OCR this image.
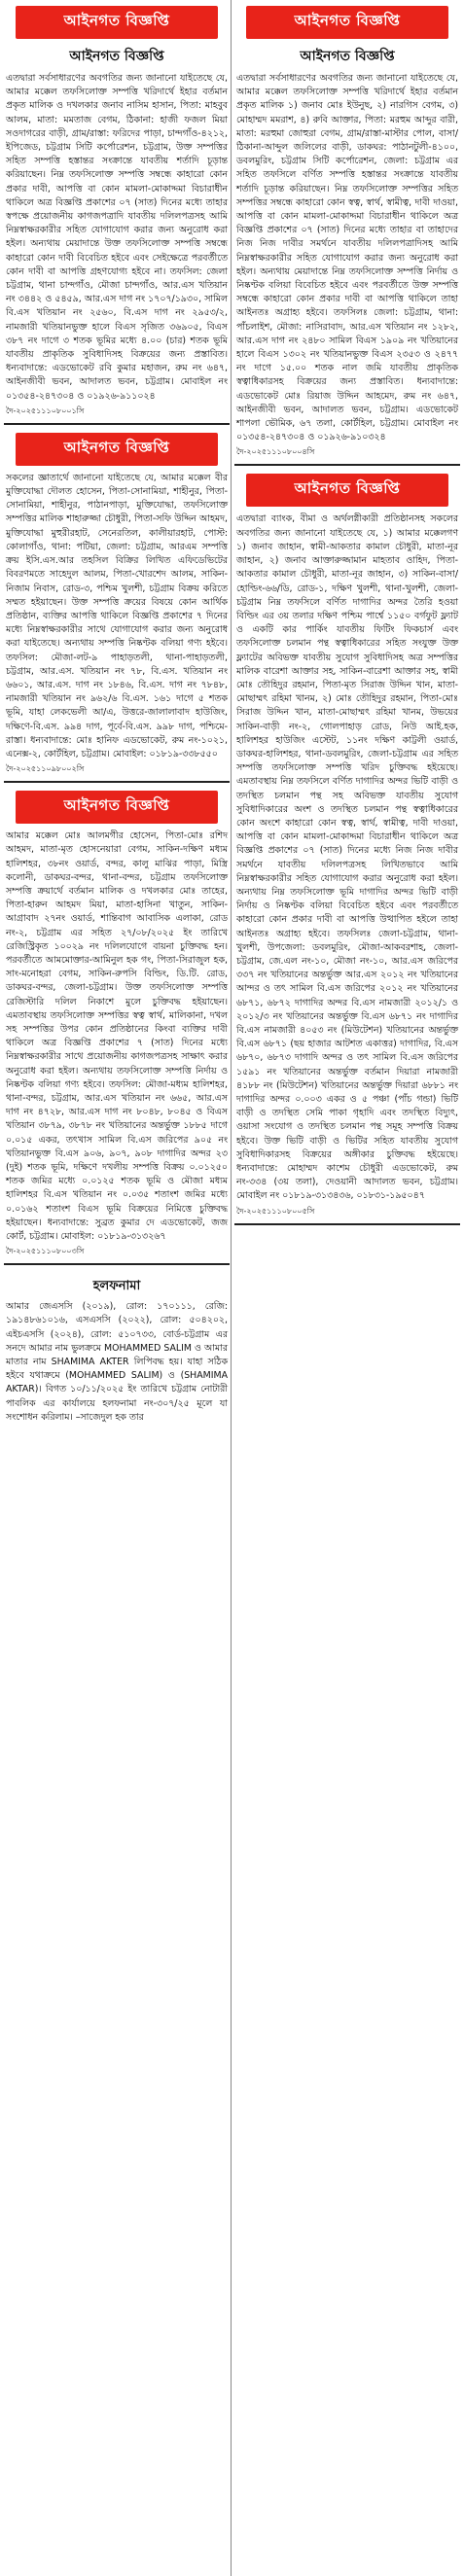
আইনগত বিজ্ঞপ্তি
আইনগত বিজ্ঞপ্তি
এতদ্বারা সর্বসাধারণের অবগতির জন্য জানানো যাইতেছে যে, আমার মক্কেল তফসিলোক্ত সম্পত্তি খরিদার্থে ইহার বর্তমান প্রকৃত মালিক ও দখলকার জনাব নাসিম হাসান, পিতা: মাহবুব আলম, মাতা: মমতাজ বেগম, ঠিকানা: হাজী ফজল মিয়া সওদাগরের বাড়ী, গ্রাম/রাস্তা: ফরিদের পাড়া, চান্দগাঁও-৪২১২, ইপিজেড, চট্টগ্রাম সিটি কর্পোরেশন, চট্টগ্রাম, উক্ত সম্পত্তির সহিত সম্পত্তি হস্তান্তর সংক্রান্তে যাবতীয় শর্তাদি চূড়ান্ত করিয়াছেন। নিম্ন তফসিলোক্ত সম্পত্তি সম্বন্ধে কাহারো কোন প্রকার দাবী, আপত্তি বা কোন মামলা-মোকাদ্দমা বিচারাধীন থাকিলে অত্র বিজ্ঞপ্তি প্রকাশের ০৭ (সাত) দিনের মধ্যে তাহার স্বপক্ষে প্রয়োজনীয় কাগজপত্রাদি যাবতীয় দলিলপত্রসহ আমি নিম্নস্বাক্ষরকারীর সহিত যোগাযোগ করার জন্য অনুরোধ করা হইল। অন্যথায় মেয়াদান্তে উক্ত তফসিলোক্ত সম্পত্তি সম্বন্ধে কাহারো কোন দাবী বিবেচিত হইবে এবং সেইক্ষেত্রে পরবর্তীতে কোন দাবী বা আপত্তি গ্রহণযোগ্য হইবে না। তফসিল: জেলা চট্টগ্রাম, থানা চান্দগাঁও, মৌজা চান্দগাঁও, আর.এস খতিয়ান নং ৩৪৪২ ও ৫৪৫৯, আর.এস দাগ নং ১৭০৭/১৯৩০, সামিল বি.এস খতিয়ান নং ২৫৬০, বি.এস দাগ নং ২৯৫৩/২, নামজারী খতিয়ানভুক্ত হালে বিএস সৃজিত ৩৬৯০৫, বিএস ৩৮৭ নং দাগে ৩ শতক ভূমির মধ্যে ৪.০০ (চার) শতক ভূমি যাবতীয় প্রাকৃতিক সুবিধাদিসহ বিক্রয়ের জন্য প্রস্তাবিত। ধন্যবাদান্তে: এডভোকেট রবি কুমার মহাজন, রুম নং ৬৪৭, আইনজীবী ভবন, আদালত ভবন, চট্টগ্রাম। মোবাইল নং ০১৩৫৪-২৪৭৩০৪ ও ০১৯২৬-৯১১০২৪
দৈ-২০২৫১১১০৮০০১সি
আইনগত বিজ্ঞপ্তি
সকলের জ্ঞাতার্থে জানানো যাইতেছে যে, আমার মক্কেল বীর মুক্তিযোদ্ধা দৌলত হোসেন, পিতা-সোনামিয়া, শাহীনুর, পিতা-সোনামিয়া, শাহীনুর, পাঠানপাড়া, মুক্তিযোদ্ধা, তফসিলোক্ত সম্পত্তির মালিক শাহারুজ্জা চৌধুরী, পিতা-সফি উদ্দিন আহমদ, মুক্তিযোদ্ধা মুহুরীরহাট, সেনেরতিল, কালীয়ারহাট, পোস্ট: কোলাগাঁও, থানা: পটিয়া, জেলা: চট্টগ্রাম, আরএম সম্পত্তি ক্রয় ইসি.এস.আর তহসিল বিক্রির লিখিত এফিডেভিটের বিবরণমতে সাহেদুল আলম, পিতা-খোরশেদ আলম, সাকিন-নিজাম নিবাস, রোড-৩, পশ্চিম খুলশী, চট্টগ্রাম বিক্রয় করিতে সম্মত হইয়াছেন। উক্ত সম্পত্তি ক্রয়ের বিষয়ে কোন আর্থিক প্রতিষ্ঠান, ব্যক্তির আপত্তি থাকিলে বিজ্ঞপ্তি প্রকাশের ৭ দিনের মধ্যে নিম্নস্বাক্ষরকারীর সাথে যোগাযোগ করার জন্য অনুরোধ করা যাইতেছে। অন্যথায় সম্পত্তি নিষ্কণ্টক বলিয়া গণ্য হইবে। তফসিল: মৌজা-লট-৯ পাহাড়তলী, থানা-পাহাড়তলী, চট্টগ্রাম, আর.এস. খতিয়ান নং ৭৮, বি.এস. খতিয়ান নং ৬৬০১, আর.এস. দাগ নং ১৮৪৬, বি.এস. দাগ নং ৭৮৪৮, নামজারী খতিয়ান নং ৯৬২/৬ বি.এস. ১৬১ দাগে ৫ শতক ভূমি, যাহা লেকভেলী আ/এ, উত্তরে-জালালাবাদ হাউজিং, দক্ষিণে-বি.এস. ৯৯৪ দাগ, পূর্বে-বি.এস. ৯৯৮ দাগ, পশ্চিমে-রাস্তা। ধন্যবাদান্তে: মোঃ হানিফ এডভোকেট, রুম নং-১০২১, এনেক্স-২, কোর্টহিল, চট্টগ্রাম। মোবাইল: ০১৮১৯-৩৩৮৫৫০
দৈ-২০২৫১১০৯৮০০২সি
আইনগত বিজ্ঞপ্তি
আমার মক্কেল মোঃ আলমগীর হোসেন, পিতা-মোঃ রশিদ আহমদ, মাতা-মৃত হোসনেয়ারা বেগম, সাকিন-দক্ষিণ মধ্যম হালিশহর, ৩৮নং ওয়ার্ড, বন্দর, কালু মাঝির পাড়া, মিস্ত্রি কলোনী, ডাকঘর-বন্দর, থানা-বন্দর, চট্টগ্রাম তফসিলোক্ত সম্পত্তি ক্রয়ার্থে বর্তমান মালিক ও দখলকার মোঃ তাহের, পিতা-হারুন আহমদ মিয়া, মাতা-হাসিনা খাতুন, সাকিন-আগ্রাবাদ ২৭নং ওয়ার্ড, শান্তিবাগ আবাসিক এলাকা, রোড নং-২, চট্টগ্রাম এর সহিত ২৭/০৮/২০২৫ ইং তারিখে রেজিস্ট্রিকৃত ১০০২৯ নং দলিলযোগে বায়না চুক্তিবদ্ধ হন। পরবর্তীতে আমমোক্তার-আমিনুল হক গং, পিতা-সিরাজুল হক, সাং-মনোহরা বেগম, সাকিন-রুপসি বিল্ডিং, ডি.টি. রোড, ডাকঘর-বন্দর, জেলা-চট্টগ্রাম। উক্ত তফসিলোক্ত সম্পত্তি রেজিস্টারি দলিল নিকাশে মুলে চুক্তিবদ্ধ হইয়াছেন। এমতাবস্থায় তফসিলোক্ত সম্পত্তির স্বত্ব স্বার্থ, মালিকানা, দখল সহ সম্পত্তির উপর কোন প্রতিষ্ঠানের কিংবা ব্যক্তির দাবী থাকিলে অত্র বিজ্ঞপ্তি প্রকাশের ৭ (সাত) দিনের মধ্যে নিম্নস্বাক্ষরকারীর সাথে প্রয়োজনীয় কাগজপত্রসহ সাক্ষাৎ করার অনুরোধ করা হইল। অন্যথায় তফসিলোক্ত সম্পত্তি নির্দায় ও নিষ্কণ্টক বলিয়া গণ্য হইবে। তফসিল: মৌজা-মধ্যম হালিশহর, থানা-বন্দর, চট্টগ্রাম, আর.এস খতিয়ান নং ৬৬৫, আর.এস দাগ নং ৪৭২৮, আর.এস দাগ নং ৮০৪৮, ৮০৪৫ ও বিএস খতিয়ান ৩৮৭৯, ৩৮৭৮ নং খতিয়ানের অন্তর্ভুক্ত ১৮৮৫ দাগে ০.০১৫ একর, তৎখাস সামিল বি.এস জরিপের ৯০৫ নং খতিয়ানভুক্ত বি.এস ৯০৬, ৯০৭, ৯০৮ দাগাদির অন্দর ২৩ (দুই) শতক ভূমি, দক্ষিণে দখলীয় সম্পত্তি বিক্রয় ০.০১২৫০ শতক জমির মধ্যে ০.০১২৫ শতক ভূমি ও মৌজা মধ্যম হালিশহর বি.এস খতিয়ান নং ০.০৩৫ শতাংশ জমির মধ্যে ০.০১৬২ শতাংশ বিএস ভূমি বিক্রয়ের নিমিত্তে চুক্তিবদ্ধ হইয়াছেন। ধন্যবাদান্তে: সুব্রত কুমার দে এডভোকেট, জজ কোর্ট, চট্টগ্রাম। মোবাইল: ০১৮১৯-৩১৩২৬৭
দৈ-২০২৫১১১০৮০০৩সি
হলফনামা
আমার জেএসসি (২০১৯), রোল: ১৭০১১১, রেজি: ১৯১৪৮৬১০১৬, এসএসসি (২০২২), রোল: ৫০৪২০২, এইচএসসি (২০২৪), রোল: ৫১০৭৩৩, বোর্ড-চট্টগ্রাম এর সনদে আমার নাম ভুলক্রমে MOHAMMED SALIM ও আমার মাতার নাম SHAMIMA AKTER লিপিবদ্ধ হয়। যাহা সঠিক হইবে যথাক্রমে (MOHAMMED SALIM) ও (SHAMIMA AKTAR)। বিগত ১০/১১/২০২৫ ইং তারিখে চট্টগ্রাম নোটারী পাবলিক এর কার্যালয়ে হলফনামা নং-৩০৭/২৫ মূলে যা সংশোধন করিলাম। –সাজেদুল হক তার
আইনগত বিজ্ঞপ্তি
আইনগত বিজ্ঞপ্তি
এতদ্বারা সর্বসাধারণের অবগতির জন্য জানানো যাইতেছে যে, আমার মক্কেল তফসিলোক্ত সম্পত্তি খরিদার্থে ইহার বর্তমান প্রকৃত মালিক ১) জনাব মোঃ ইউনুছ, ২) নারগিস বেগম, ৩) মোহাম্মদ মমরাশ, ৪) রুবি আক্তার, পিতা: মরহুম আব্দুর বারী, মাতা: মরহুমা জোহুরা বেগম, গ্রাম/রাস্তা-মাস্টার পোল, বাসা/ঠিকানা-আব্দুল জলিলের বাড়ী, ডাকঘর: পাঠানটুলী-৪১০০, ডবলমুরিং, চট্টগ্রাম সিটি কর্পোরেশন, জেলা: চট্টগ্রাম এর সহিত তফসিলে বর্ণিত সম্পত্তি হস্তান্তর সংক্রান্তে যাবতীয় শর্তাদি চূড়ান্ত করিয়াছেন। নিম্ন তফসিলোক্ত সম্পত্তির সহিত সম্পত্তির সম্বন্ধে কাহারো কোন স্বত্ব, স্বার্থ, স্বামীত্ব, দাবী দাওয়া, আপত্তি বা কোন মামলা-মোকাদ্দমা বিচারাধীন থাকিলে অত্র বিজ্ঞপ্তি প্রকাশের ০৭ (সাত) দিনের মধ্যে তাহার বা তাহাদের নিজ নিজ দাবীর সমর্থনে যাবতীয় দলিলপত্রাদিসহ আমি নিম্নস্বাক্ষরকারীর সহিত যোগাযোগ করার জন্য অনুরোধ করা হইল। অন্যথায় মেয়াদান্তে নিম্ন তফসিলোক্ত সম্পত্তি নির্দায় ও নিষ্কণ্টক বলিয়া বিবেচিত হইবে এবং পরবর্তীতে উক্ত সম্পত্তি সম্বন্ধে কাহারো কোন প্রকার দাবী বা আপত্তি থাকিলে তাহা আইনতঃ অগ্রাহ্য হইবে। তফসিলঃ জেলা: চট্টগ্রাম, থানা: পাঁচলাইশ, মৌজা: নাসিরাবাদ, আর.এস খতিয়ান নং ১২৮২, আর.এস দাগ নং ২৪৮০ সামিল বিএস ১৯০৯ নং খতিয়ানের হালে বিএস ১৩০২ নং খতিয়ানভুক্ত বিএস ২৩৫৩ ও ২৪৭৭ নং দাগে ১৫.০০ শতক নাল জমি যাবতীয় প্রাকৃতিক স্বত্বাধিকারসহ বিক্রয়ের জন্য প্রস্তাবিত। ধন্যবাদান্তে: এডভোকেট মোঃ রিয়াজ উদ্দিন আহমেদ, রুম নং ৬৪৭, আইনজীবী ভবন, আদালত ভবন, চট্টগ্রাম। এডভোকেট শাপলা ভৌমিক, ৬৭ তলা, কোর্টহিল, চট্টগ্রাম। মোবাইল নং ০১৩৫৪-২৪৭৩০৪ ও ০১৯২৬-৯১০৩২৪
দৈ-২০২৫১১১০৮০০৪সি
আইনগত বিজ্ঞপ্তি
এতদ্বারা ব্যাংক, বীমা ও অর্থলগ্নীকারী প্রতিষ্ঠানসহ সকলের অবগতির জন্য জানানো যাইতেছে যে, ১) আমার মক্কেলগণ ১) জনাব জাহান, স্বামী-আকতার কামাল চৌধুরী, মাতা-নূর জাহান, ২) জনাব আক্তারুজ্জামান মাহতাব ওাহিদ, পিতা-আকতার কামাল চৌধুরী, মাতা-নূর জাহান, ৩) সাকিন-বাসা/হোল্ডিং-৬৬/ডি, রোড-১, দক্ষিণ খুলশী, থানা-খুলশী, জেলা-চট্টগ্রাম নিম্ন তফসিলে বর্ণিত দাগাদির অন্দর তৈরি হওয়া বিল্ডিং এর ৩য় তলার দক্ষিণ পশ্চিম পার্শ্বে ১১৫০ বর্গফুট ফ্ল্যাট ও একটি কার পার্কিং যাবতীয় ফিটিং ফিকচার্স এবং তফসিলোক্ত চলমান পন্থ স্বত্বাধিকারের সহিত সংযুক্ত উক্ত ফ্ল্যাটের অবিভক্ত যাবতীয় সুযোগ সুবিধাদিসহ অত্র সম্পত্তির মালিক বারেশা আক্তার সহ, সাকিন-বারেশা আক্তার সহ, স্বামী মোঃ তৌহিদুর রহমান, পিতা-মৃত সিরাজ উদ্দিন খান, মাতা-মোছাম্মৎ রহিমা খানম, ২) মোঃ তৌহিদুর রহমান, পিতা-মোঃ সিরাজ উদ্দিন খান, মাতা-মোছাম্মৎ রহিমা খানম, উভয়ের সাকিন-বাড়ী নং-২, গোলপাহাড় রোড, নিউ আই.হক, হালিশহর হাউজিং এস্টেট, ১১নং দক্ষিণ কাট্টলী ওয়ার্ড, ডাকঘর-হালিশহর, থানা-ডবলমুরিং, জেলা-চট্টগ্রাম এর সহিত সম্পত্তি তফসিলোক্ত সম্পত্তি খরিদ চুক্তিবদ্ধ হইয়েছে। এমতাবস্থায় নিম্ন তফসিলে বর্ণিত দাগাদির অন্দর ভিটি বাড়ী ও তদস্থিত চলমান পন্থ সহ অবিভক্ত যাবতীয় সুযোগ সুবিধাদিকারের অংশ ও তদস্থিত চলমান পন্থ স্বত্বাধিকারের কোন অংশে কাহারো কোন স্বত্ব, স্বার্থ, স্বামীত্ব, দাবী দাওয়া, আপত্তি বা কোন মামলা-মোকাদ্দমা বিচারাধীন থাকিলে অত্র বিজ্ঞপ্তি প্রকাশের ০৭ (সাত) দিনের মধ্যে নিজ নিজ দাবীর সমর্থনে যাবতীয় দলিলপত্রসহ লিখিতভাবে আমি নিম্নস্বাক্ষরকারীর সহিত যোগাযোগ করার অনুরোধ করা হইল। অন্যথায় নিম্ন তফসিলোক্ত ভূমি দাগাদির অন্দর ভিটি বাড়ী নির্দায় ও নিষ্কণ্টক বলিয়া বিবেচিত হইবে এবং পরবর্তীতে কাহারো কোন প্রকার দাবী বা আপত্তি উত্থাপিত হইলে তাহা আইনতঃ অগ্রাহ্য হইবে। তফসিলঃ জেলা-চট্টগ্রাম, থানা-খুলশী, উপজেলা: ডবলমুরিং, মৌজা-আকবরশাহ, জেলা-চট্টগ্রাম, জে.এল নং-১০, মৌজা নং-১০, আর.এস জরিপের ৩৩৭ নং খতিয়ানের অন্তর্ভুক্ত আর.এস ২০১২ নং খতিয়ানের আন্দর ও তৎ সামিল বি.এস জরিপের ২০১২ নং খতিয়ানের ৬৮৭১, ৬৮৭২ দাগাদির অন্দর বি.এস নামজারী ২০১২/১ ও ২০১২/৩ নং খতিয়ানের অন্তর্ভুক্ত বি.এস ৬৮৭১ নং দাগাদির বি.এস নামজারী ৪০৫৩ নং (মিউটেশন) খতিয়ানের অন্তর্ভুক্ত বি.এস ৬৮৭১ (ছয় হাজার আটশত একাত্তর) দাগাদির, বি.এস ৬৮৭০, ৬৮৭৩ দাগাদি অন্দর ও তৎ সামিল বি.এস জরিপের ১৫৯১ নং খতিয়ানের অন্তর্ভুক্ত বর্তমান দিয়ারা নামজারী ৪১৮৮ নং (মিউটেশন) খতিয়ানের অন্তর্ভুক্ত দিয়ারা ৬৮৮১ নং দাগাদির অন্দর ০.০০৩ একর ও ৫ পঞ্চা (পাঁচ গন্ডা) ভিটি বাড়ী ও তদস্থিত সেমি পাকা গৃহাদি এবং তদস্থিত বিদ্যুৎ, ওয়াসা সংযোগ ও তদস্থিত চলমান পন্থ সমূহ সম্পত্তি বিক্রয় হইবে। উক্ত ভিটি বাড়ী ও ভিটির সহিত যাবতীয় সুযোগ সুবিধাদিকারসহ বিক্রয়ের অঙ্গীকার চুক্তিবদ্ধ হইয়েছে। ধন্যবাদান্তে: মোহাম্মদ কাশেম চৌধুরী এডভোকেট, রুম নং-৩৩৪ (৩য় তলা), দেওয়ানী আদালত ভবন, চট্টগ্রাম। মোবাইল নং ০১৮১৯-৩১৩৪৩৬, ০১৮৩১-১৯৫০৪৭
দৈ-২০২৫১১১০৮০০৫সি
